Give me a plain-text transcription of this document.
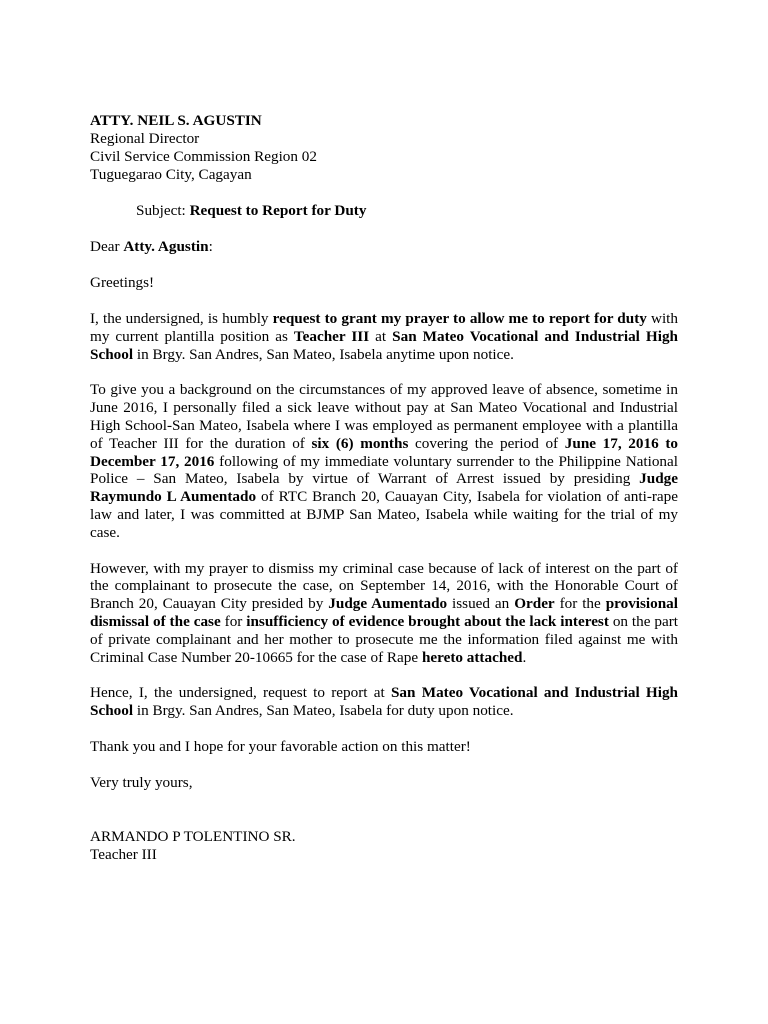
ATTY. NEIL S. AGUSTIN
Regional Director
Civil Service Commission Region 02
Tuguegarao City, Cagayan
Subject: Request to Report for Duty
Dear Atty. Agustin:
Greetings!

I, the undersigned, is humbly request to grant my prayer to allow me to report for duty with my current plantilla position as Teacher III at San Mateo Vocational and Industrial High School in Brgy. San Andres, San Mateo, Isabela anytime upon notice.

To give you a background on the circumstances of my approved leave of absence, sometime in June 2016, I personally filed a sick leave without pay at San Mateo Vocational and Industrial High School-San Mateo, Isabela where I was employed as permanent employee with a plantilla of Teacher III for the duration of six (6) months covering the period of June 17, 2016 to December 17, 2016 following of my immediate voluntary surrender to the Philippine National Police – San Mateo, Isabela by virtue of Warrant of Arrest issued by presiding Judge Raymundo L Aumentado of RTC Branch 20, Cauayan City, Isabela for violation of anti-rape law and later, I was committed at BJMP San Mateo, Isabela while waiting for the trial of my case.

However, with my prayer to dismiss my criminal case because of lack of interest on the part of the complainant to prosecute the case, on September 14, 2016, with the Honorable Court of Branch 20, Cauayan City presided by Judge Aumentado issued an Order for the provisional dismissal of the case for insufficiency of evidence brought about the lack interest on the part of private complainant and her mother to prosecute me the information filed against me with Criminal Case Number 20-10665 for the case of Rape hereto attached.

Hence, I, the undersigned, request to report at San Mateo Vocational and Industrial High School in Brgy. San Andres, San Mateo, Isabela for duty upon notice.

Thank you and I hope for your favorable action on this matter!
Very truly yours,
ARMANDO P TOLENTINO SR.
Teacher III
